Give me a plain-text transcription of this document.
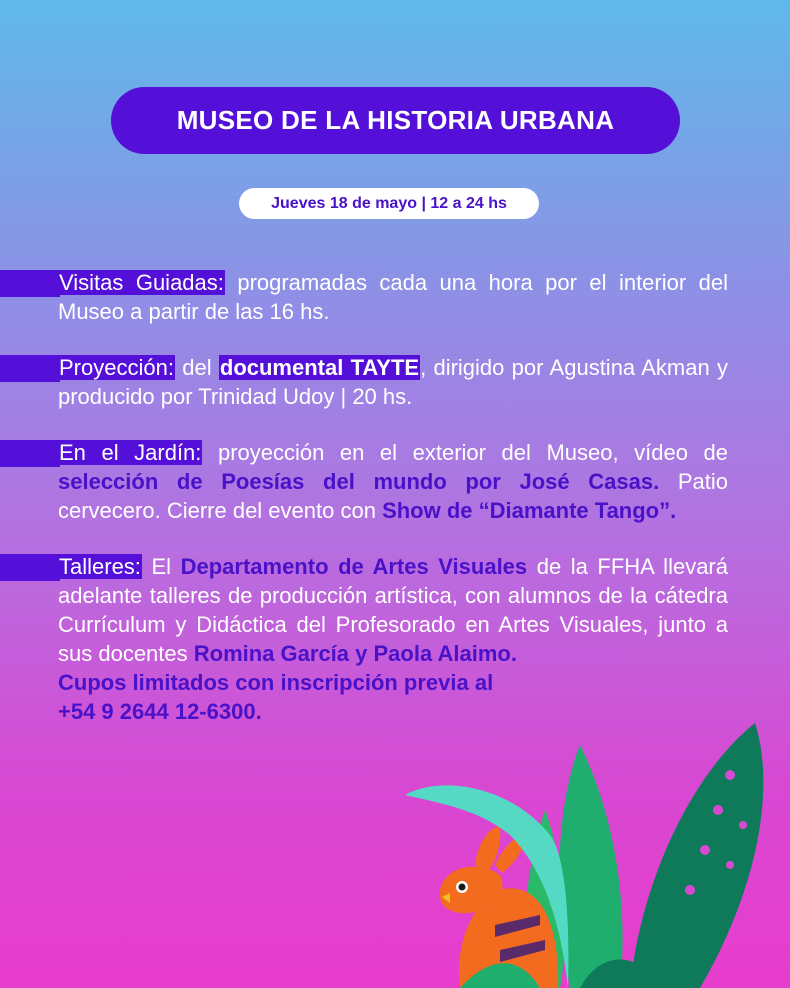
MUSEO DE LA HISTORIA URBANA
Jueves 18 de mayo | 12 a 24 hs
Visitas Guiadas: programadas cada una hora por el interior del Museo a partir de las 16 hs.
Proyección: del documental TAYTE, dirigido por Agustina Akman y producido por Trinidad Udoy | 20 hs.
En el Jardín: proyección en el exterior del Museo, vídeo de selección de Poesías del mundo por José Casas. Patio cervecero. Cierre del evento con Show de “Diamante Tango”.
Talleres: El Departamento de Artes Visuales de la FFHA llevará adelante talleres de producción artística, con alumnos de la cátedra Currículum y Didáctica del Profesorado en Artes Visuales, junto a sus docentes Romina García y Paola Alaimo.
Cupos limitados con inscripción previa al
+54 9 2644 12-6300.
